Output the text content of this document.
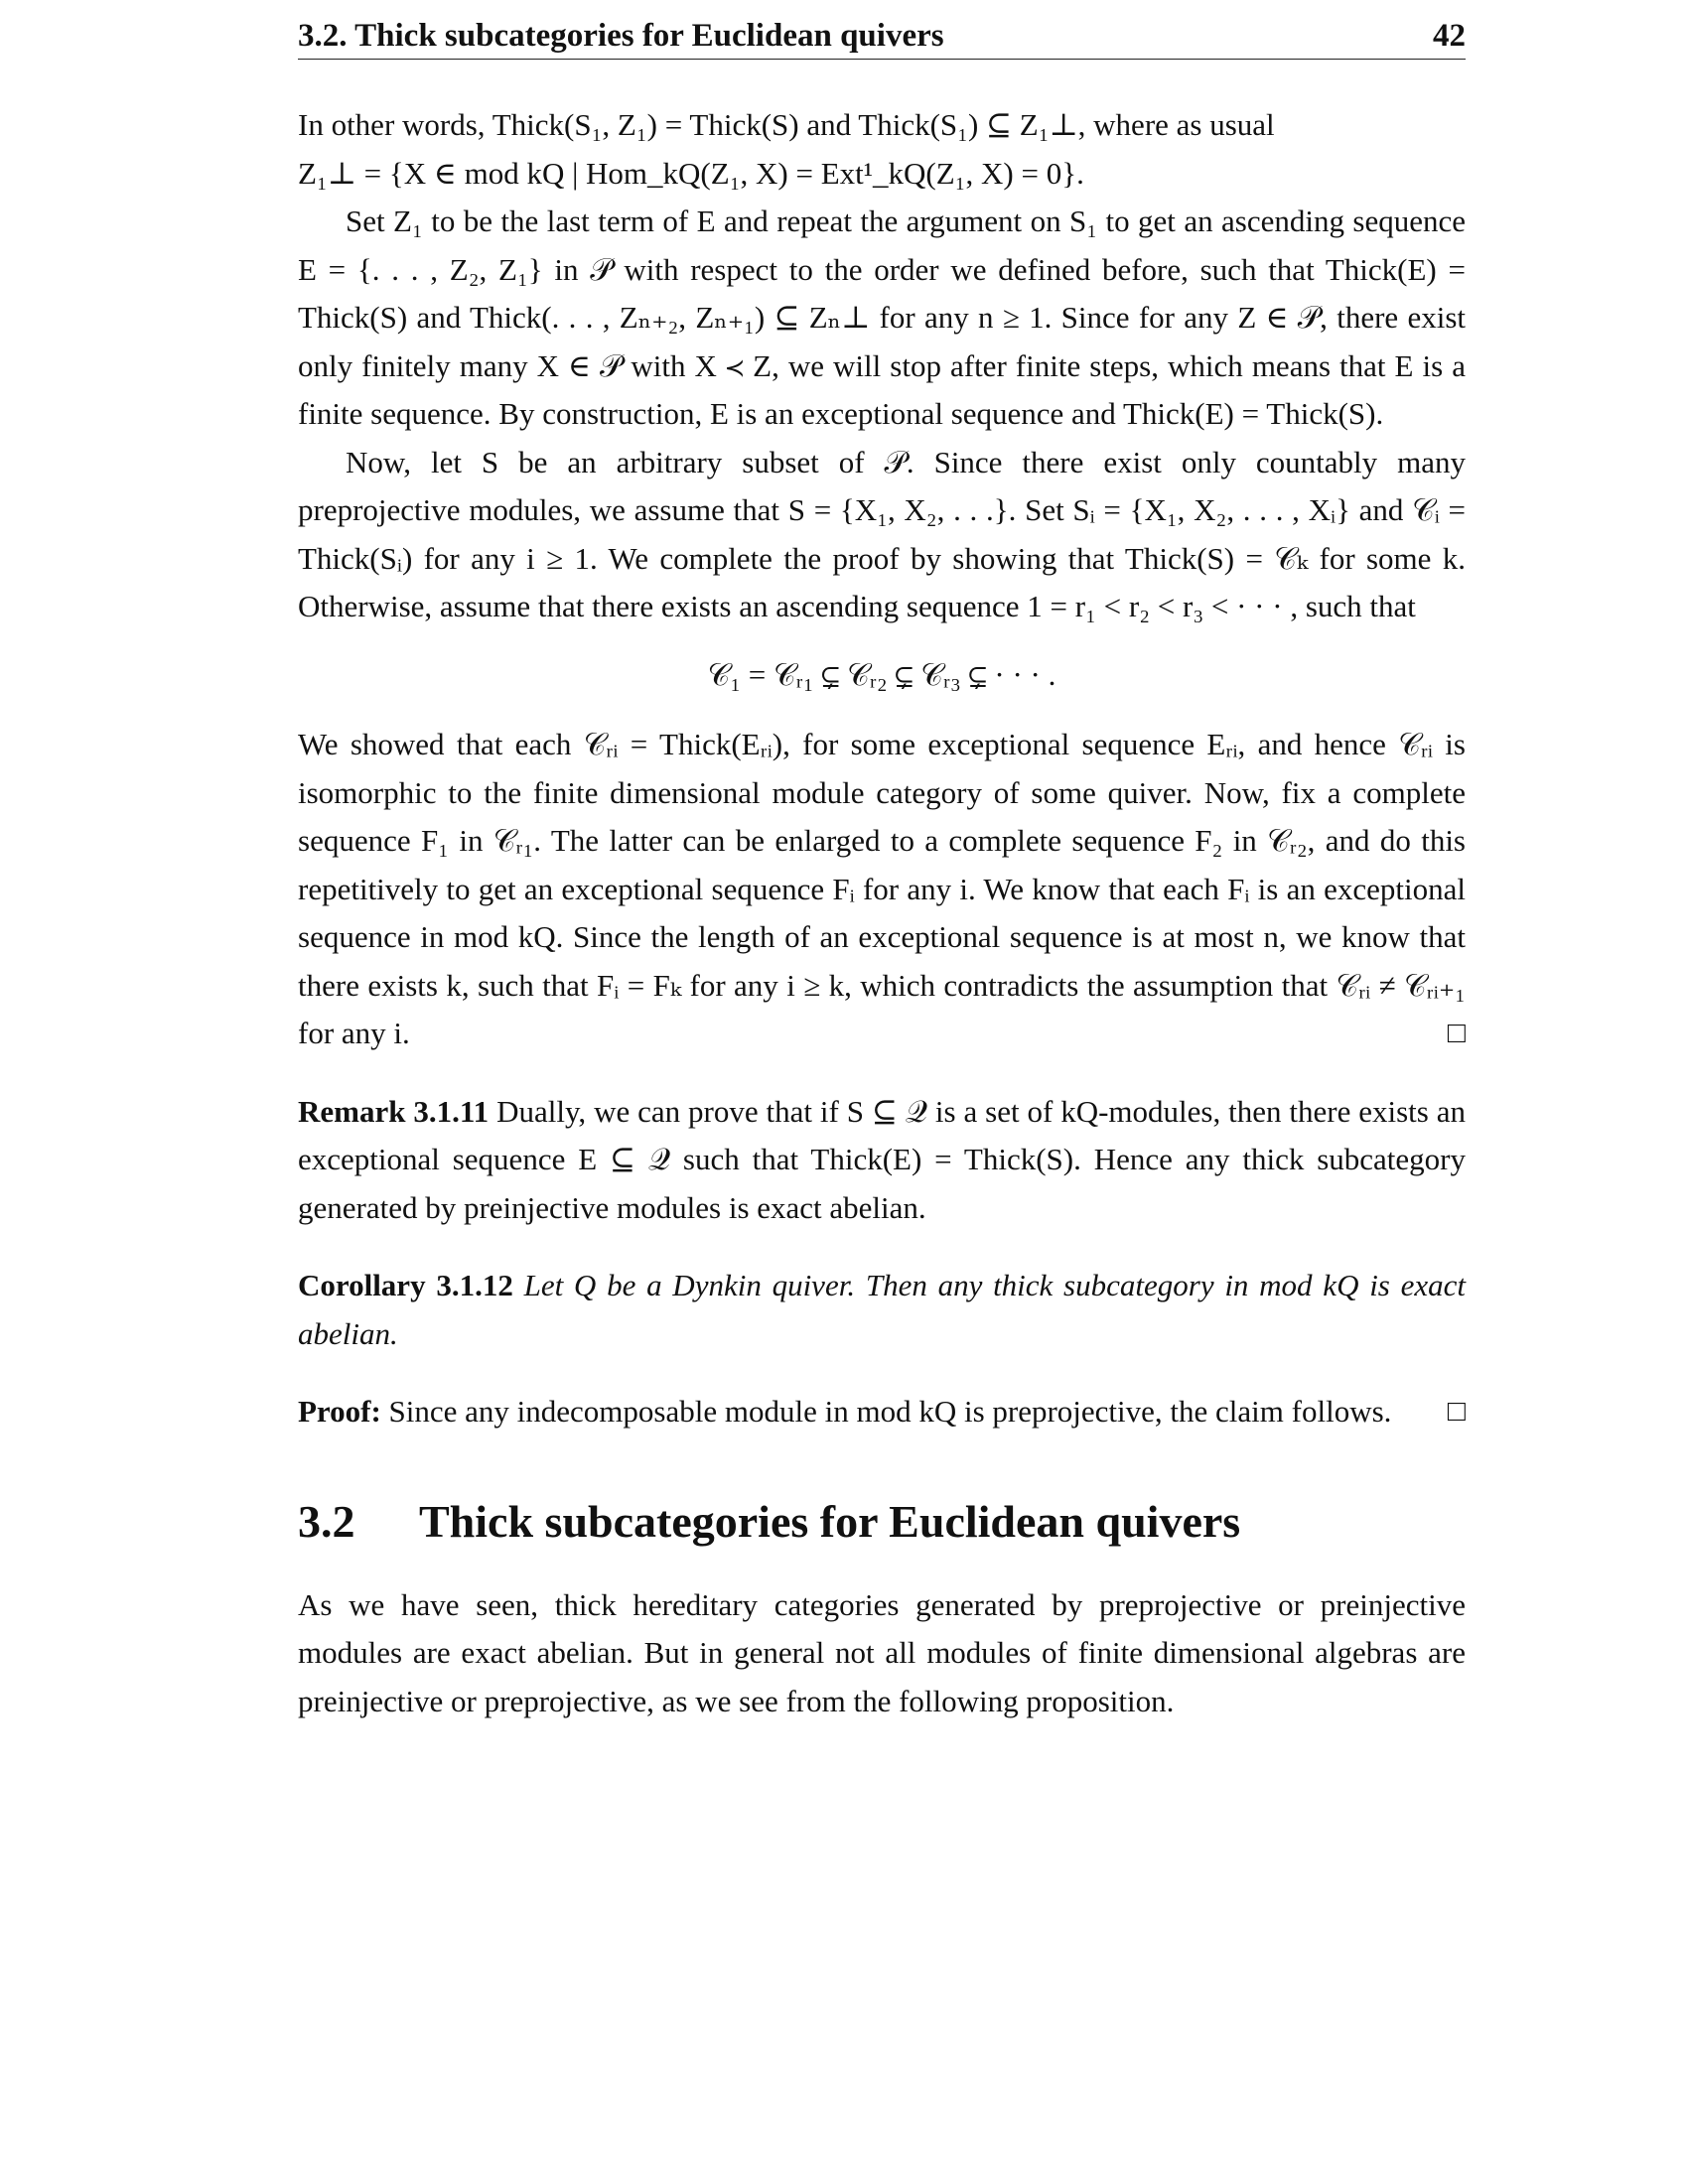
3.2. Thick subcategories for Euclidean quivers	42

In other words, Thick(S₁, Z₁) = Thick(S) and Thick(S₁) ⊆ Z₁⊥, where as usual

Z₁⊥ = {X ∈ mod kQ | Hom_kQ(Z₁, X) = Ext¹_kQ(Z₁, X) = 0}.

Set Z₁ to be the last term of E and repeat the argument on S₁ to get an ascending sequence E = {. . . , Z₂, Z₁} in 𝒫 with respect to the order we defined before, such that Thick(E) = Thick(S) and Thick(. . . , Zₙ₊₂, Zₙ₊₁) ⊆ Zₙ⊥ for any n ≥ 1. Since for any Z ∈ 𝒫, there exist only finitely many X ∈ 𝒫 with X ≺ Z, we will stop after finite steps, which means that E is a finite sequence. By construction, E is an exceptional sequence and Thick(E) = Thick(S).

Now, let S be an arbitrary subset of 𝒫. Since there exist only countably many preprojective modules, we assume that S = {X₁, X₂, . . .}. Set Sᵢ = {X₁, X₂, . . . , Xᵢ} and 𝒞ᵢ = Thick(Sᵢ) for any i ≥ 1. We complete the proof by showing that Thick(S) = 𝒞ₖ for some k. Otherwise, assume that there exists an ascending sequence 1 = r₁ < r₂ < r₃ < · · · , such that

𝒞₁ = 𝒞ᵣ₁ ⊊ 𝒞ᵣ₂ ⊊ 𝒞ᵣ₃ ⊊ · · · .

We showed that each 𝒞ᵣᵢ = Thick(Eᵣᵢ), for some exceptional sequence Eᵣᵢ, and hence 𝒞ᵣᵢ is isomorphic to the finite dimensional module category of some quiver. Now, fix a complete sequence F₁ in 𝒞ᵣ₁. The latter can be enlarged to a complete sequence F₂ in 𝒞ᵣ₂, and do this repetitively to get an exceptional sequence Fᵢ for any i. We know that each Fᵢ is an exceptional sequence in mod kQ. Since the length of an exceptional sequence is at most n, we know that there exists k, such that Fᵢ = Fₖ for any i ≥ k, which contradicts the assumption that 𝒞ᵣᵢ ≠ 𝒞ᵣᵢ₊₁ for any i.	□

Remark 3.1.11 Dually, we can prove that if S ⊆ 𝒬 is a set of kQ-modules, then there exists an exceptional sequence E ⊆ 𝒬 such that Thick(E) = Thick(S). Hence any thick subcategory generated by preinjective modules is exact abelian.

Corollary 3.1.12 Let Q be a Dynkin quiver. Then any thick subcategory in mod kQ is exact abelian.

Proof: Since any indecomposable module in mod kQ is preprojective, the claim follows. □

3.2	Thick subcategories for Euclidean quivers

As we have seen, thick hereditary categories generated by preprojective or preinjective modules are exact abelian. But in general not all modules of finite dimensional algebras are preinjective or preprojective, as we see from the following proposition.
